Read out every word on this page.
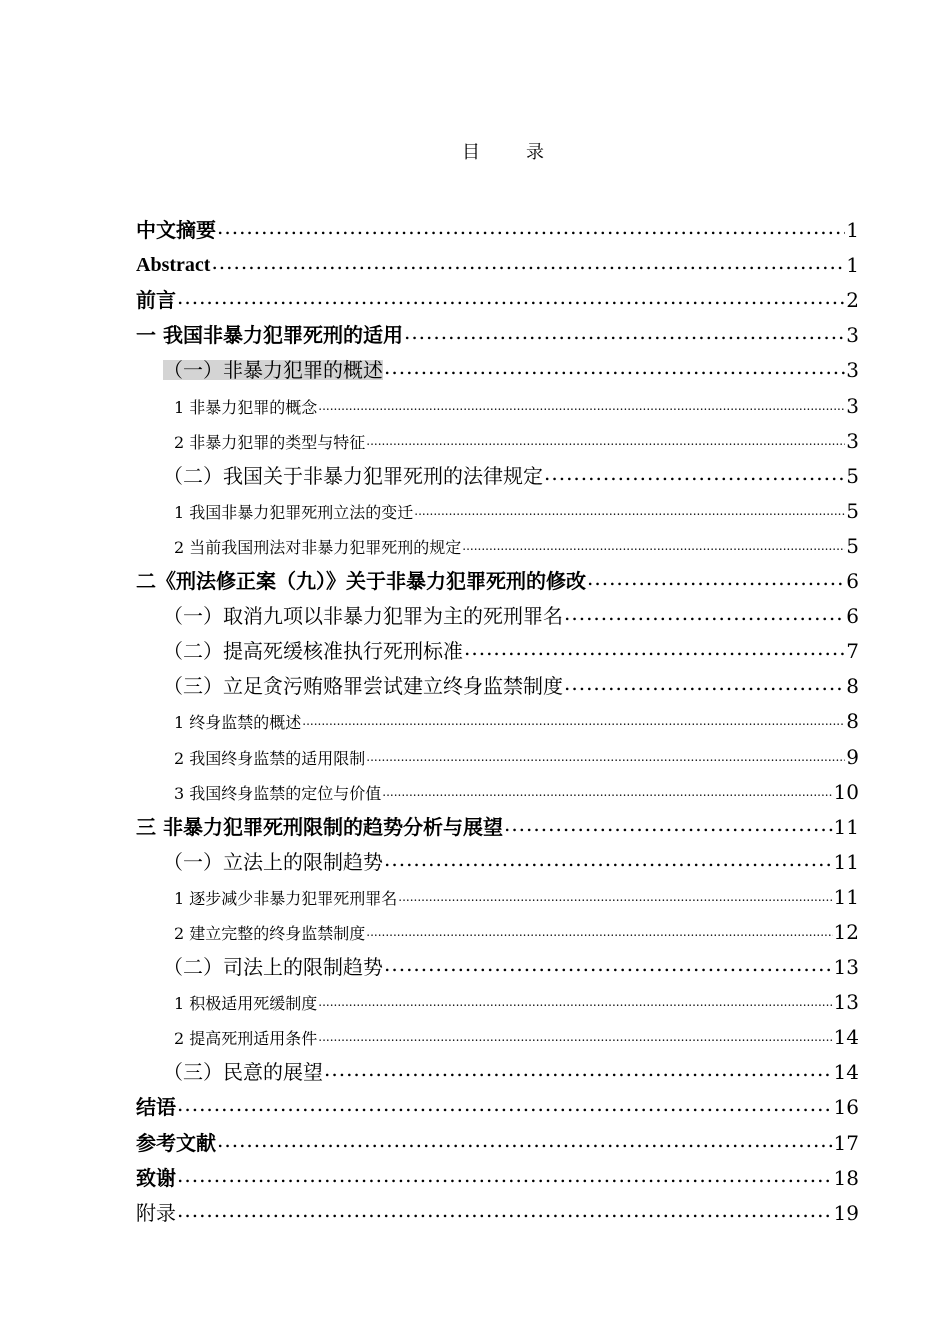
目　录
中文摘要 .....	1
Abstract .....	1
前言 .....	2
一 我国非暴力犯罪死刑的适用 .....	3
（一）非暴力犯罪的概述 .....	3
1 非暴力犯罪的概念 .....	3
2 非暴力犯罪的类型与特征 .....	3
（二）我国关于非暴力犯罪死刑的法律规定 .....	5
1 我国非暴力犯罪死刑立法的变迁 .....	5
2 当前我国刑法对非暴力犯罪死刑的规定 .....	5
二《刑法修正案（九）》关于非暴力犯罪死刑的修改 .....	6
（一）取消九项以非暴力犯罪为主的死刑罪名 .....	6
（二）提高死缓核准执行死刑标准 .....	7
（三）立足贪污贿赂罪尝试建立终身监禁制度 .....	8
1 终身监禁的概述 .....	8
2 我国终身监禁的适用限制 .....	9
3 我国终身监禁的定位与价值 .....	10
三 非暴力犯罪死刑限制的趋势分析与展望 .....	11
（一）立法上的限制趋势 .....	11
1 逐步减少非暴力犯罪死刑罪名 .....	11
2 建立完整的终身监禁制度 .....	12
（二）司法上的限制趋势 .....	13
1 积极适用死缓制度 .....	13
2 提高死刑适用条件 .....	14
（三）民意的展望 .....	14
结语 .....	16
参考文献 .....	17
致谢 .....	18
附录 .....	19
